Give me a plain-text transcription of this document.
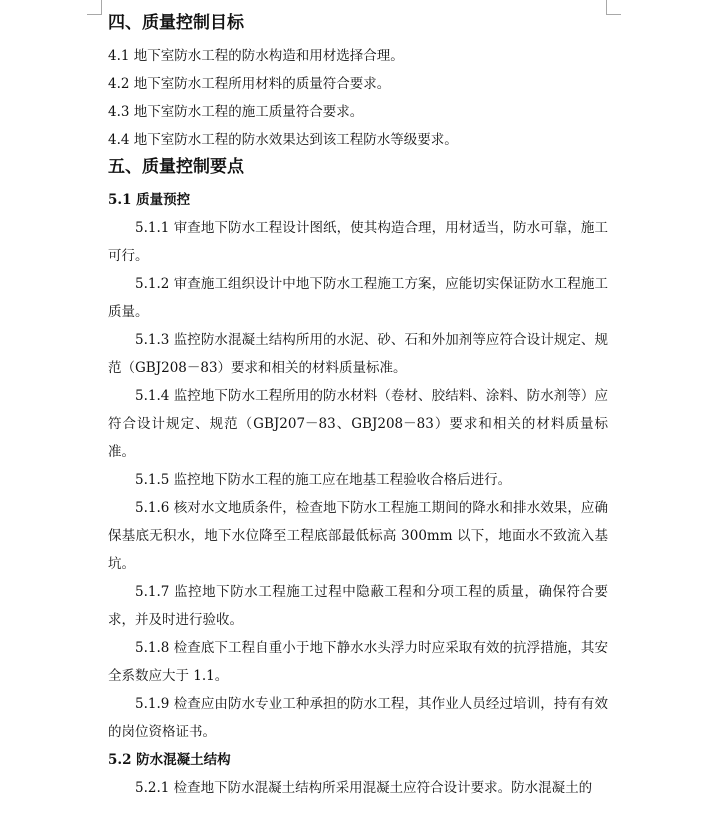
四、质量控制目标
4.1 地下室防水工程的防水构造和用材选择合理。
4.2 地下室防水工程所用材料的质量符合要求。
4.3 地下室防水工程的施工质量符合要求。
4.4 地下室防水工程的防水效果达到该工程防水等级要求。
五、质量控制要点
5.1 质量预控
5.1.1 审查地下防水工程设计图纸，使其构造合理，用材适当，防水可靠，施工可行。
5.1.2 审查施工组织设计中地下防水工程施工方案，应能切实保证防水工程施工质量。
5.1.3 监控防水混凝土结构所用的水泥、砂、石和外加剂等应符合设计规定、规范（GBJ208－83）要求和相关的材料质量标准。
5.1.4 监控地下防水工程所用的防水材料（卷材、胶结料、涂料、防水剂等）应符合设计规定、规范（GBJ207－83、GBJ208－83）要求和相关的材料质量标准。
5.1.5 监控地下防水工程的施工应在地基工程验收合格后进行。
5.1.6 核对水文地质条件，检查地下防水工程施工期间的降水和排水效果，应确保基底无积水，地下水位降至工程底部最低标高 300mm 以下，地面水不致流入基坑。
5.1.7 监控地下防水工程施工过程中隐蔽工程和分项工程的质量，确保符合要求，并及时进行验收。
5.1.8 检查底下工程自重小于地下静水水头浮力时应采取有效的抗浮措施，其安全系数应大于 1.1。
5.1.9 检查应由防水专业工种承担的防水工程，其作业人员经过培训，持有有效的岗位资格证书。
5.2 防水混凝土结构
5.2.1 检查地下防水混凝土结构所采用混凝土应符合设计要求。防水混凝土的
